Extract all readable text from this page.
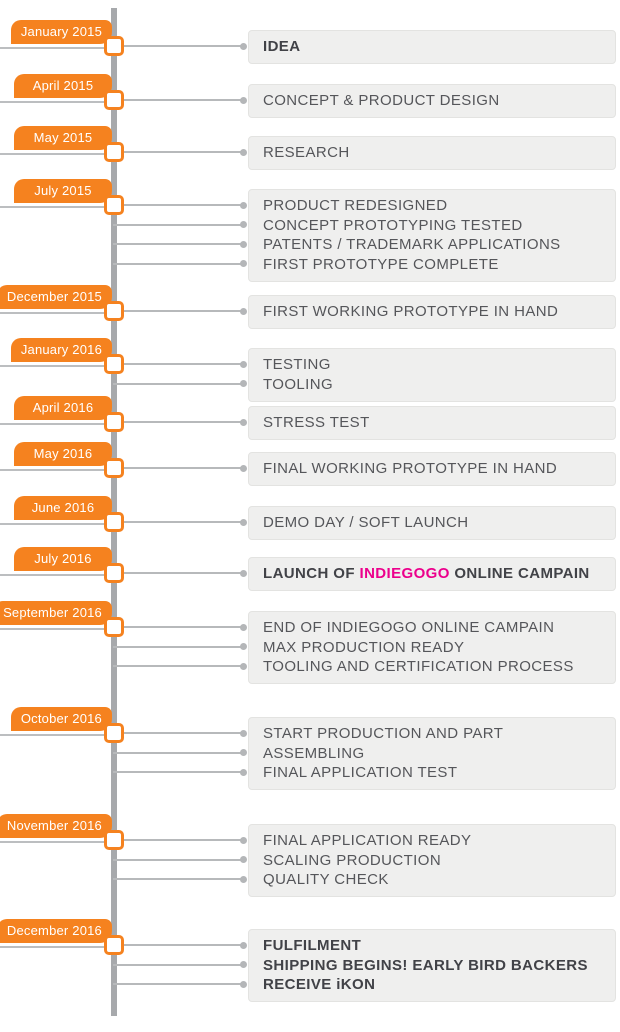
January 2015
IDEA
April 2015
CONCEPT & PRODUCT DESIGN
May 2015
RESEARCH
July 2015
PRODUCT REDESIGNED
CONCEPT PROTOTYPING TESTED
PATENTS / TRADEMARK APPLICATIONS
FIRST PROTOTYPE COMPLETE
December 2015
FIRST WORKING PROTOTYPE IN HAND
January 2016
TESTING
TOOLING
April 2016
STRESS TEST
May 2016
FINAL WORKING PROTOTYPE IN HAND
June 2016
DEMO DAY / SOFT LAUNCH
July 2016
LAUNCH OF INDIEGOGO ONLINE CAMPAIN
September 2016
END OF INDIEGOGO ONLINE CAMPAIN
MAX PRODUCTION READY
TOOLING AND CERTIFICATION PROCESS
October 2016
START PRODUCTION AND PART
ASSEMBLING
FINAL APPLICATION TEST
November 2016
FINAL APPLICATION READY
SCALING PRODUCTION
QUALITY CHECK
December 2016
FULFILMENT
SHIPPING BEGINS! EARLY BIRD BACKERS
RECEIVE iKON
